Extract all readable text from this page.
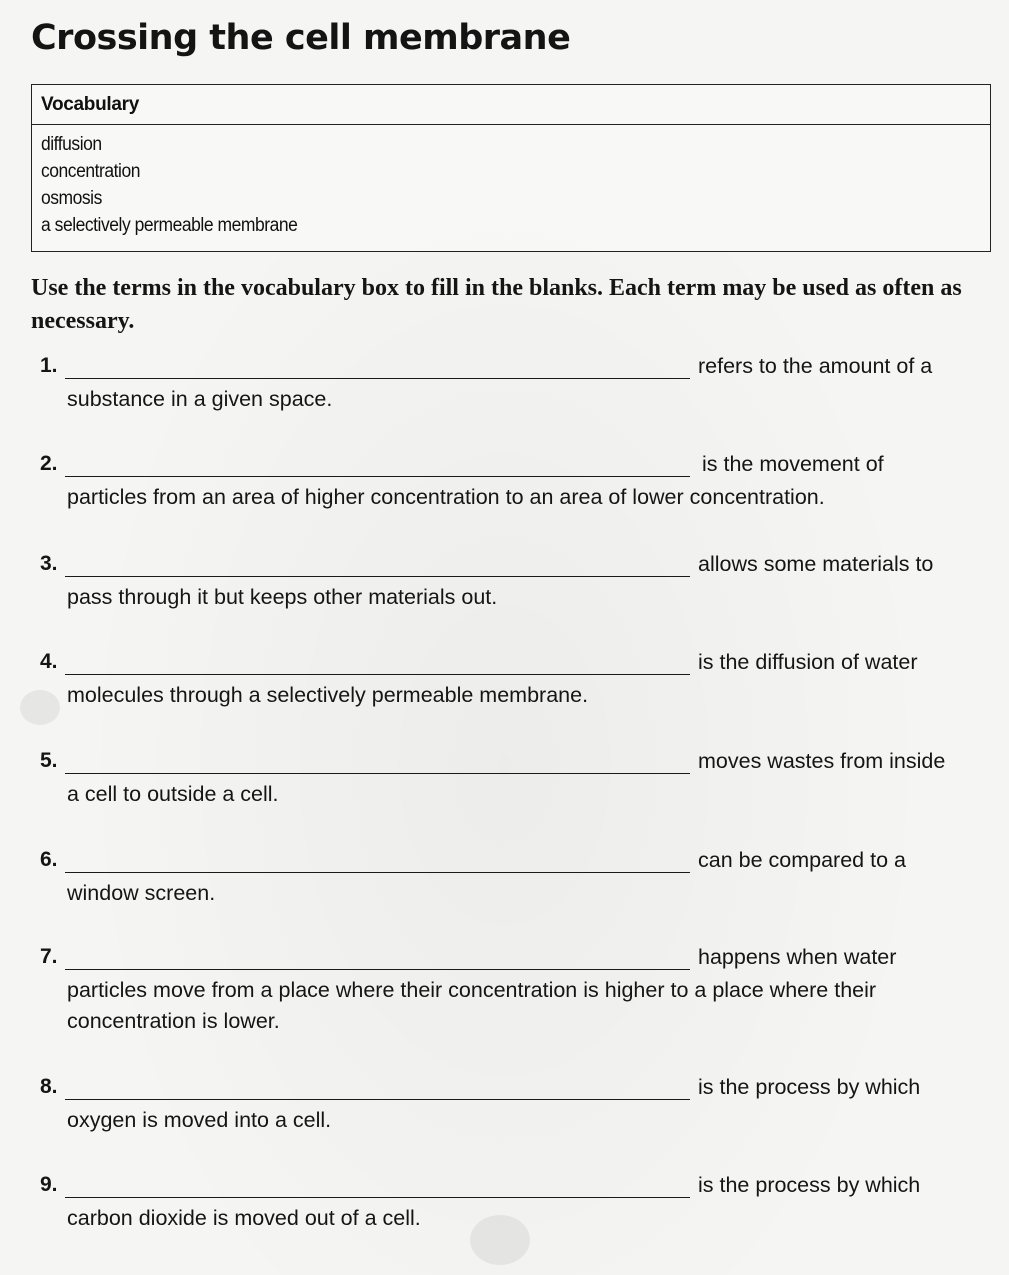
Crossing the cell membrane
Vocabulary
diffusion
concentration
osmosis
a selectively permeable membrane

Use the terms in the vocabulary box to fill in the blanks. Each term may be used as often as necessary.

1.	refers to the amount of a
substance in a given space.
2.	is the movement of
particles from an area of higher concentration to an area of lower concentration.
3.	allows some materials to
pass through it but keeps other materials out.
4.	is the diffusion of water
molecules through a selectively permeable membrane.
5.	moves wastes from inside
a cell to outside a cell.
6.	can be compared to a
window screen.
7.	happens when water
particles move from a place where their concentration is higher to a place where their
concentration is lower.
8.	is the process by which
oxygen is moved into a cell.
9.	is the process by which
carbon dioxide is moved out of a cell.
